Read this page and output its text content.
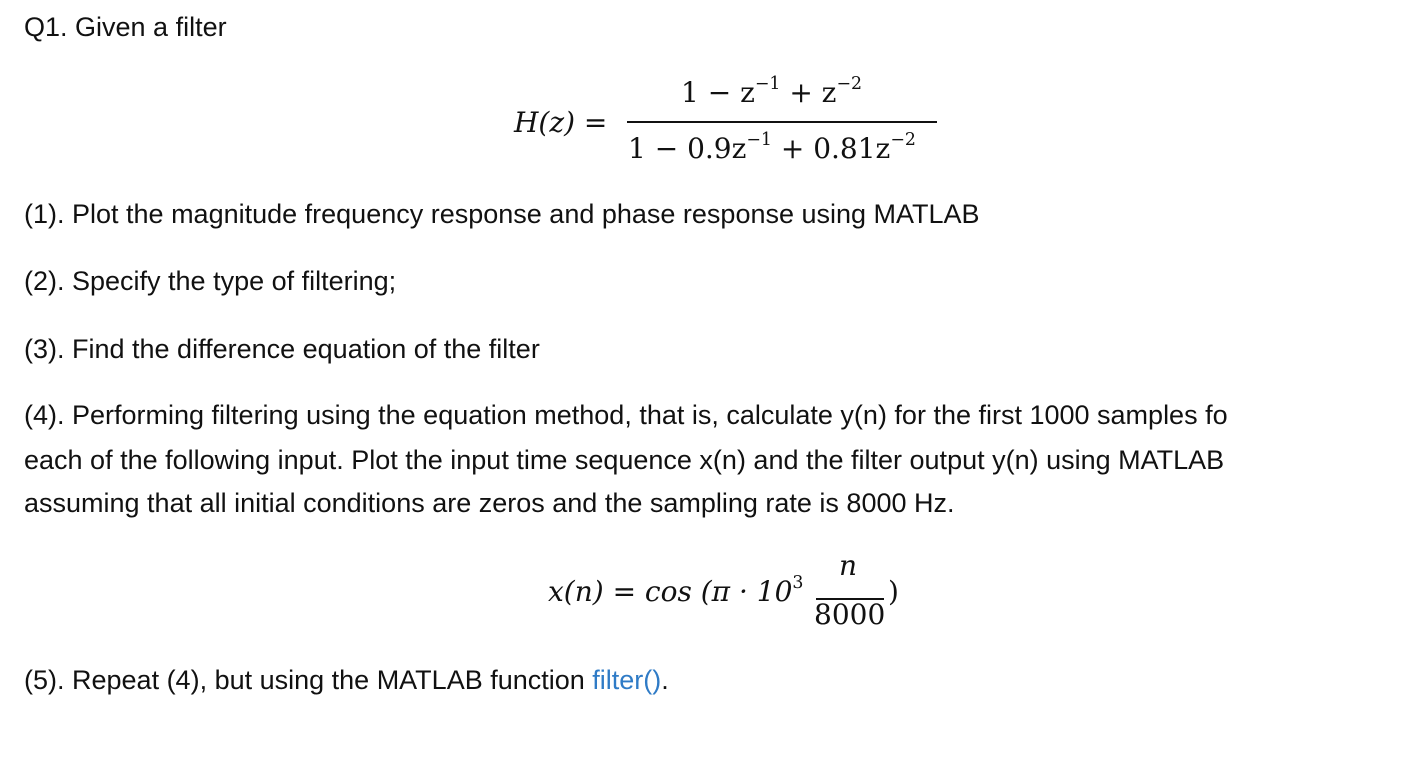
Q1. Given a filter
H(z) =
$1 - z^{-1} + z^{-2}$
$1 - 0.9z^{-1} + 0.81z^{-2}$
(1). Plot the magnitude frequency response and phase response using MATLAB
(2). Specify the type of filtering;
(3). Find the difference equation of the filter
(4). Performing filtering using the equation method, that is, calculate y(n) for the first 1000 samples fo
each of the following input. Plot the input time sequence x(n) and the filter output y(n) using MATLAB
assuming that all initial conditions are zeros and the sampling rate is 8000 Hz.
$x(n) = \cos (\pi \cdot 10^3$
n
8000
)
(5). Repeat (4), but using the MATLAB function filter().
